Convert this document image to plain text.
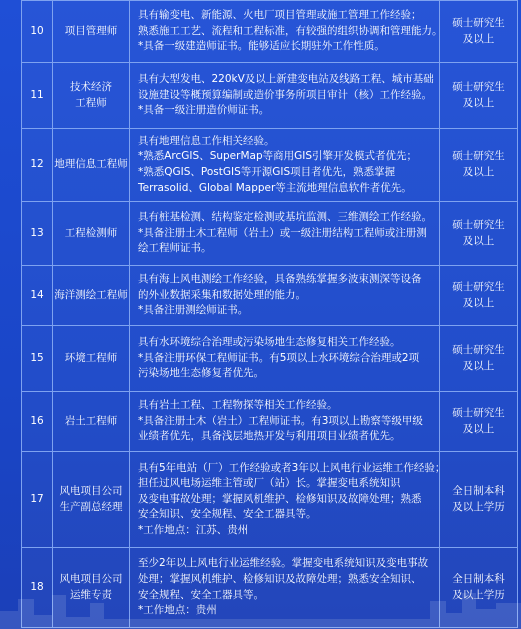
10	项目管理师	具有输变电、新能源、火电厂项目管理或施工管理工作经验；
熟悉施工工艺、流程和工程标准，有较强的组织协调和管理能力。
*具备一级建造师证书。能够适应长期驻外工作性质。	硕士研究生
及以上

11	技术经济
工程师	具有大型发电、220kV及以上新建变电站及线路工程、城市基础
设施建设等概预算编制或造价事务所项目审计（核）工作经验。
*具备一级注册造价师证书。	硕士研究生
及以上

12	地理信息工程师	具有地理信息工作相关经验。
*熟悉ArcGIS、SuperMap等商用GIS引擎开发模式者优先；
*熟悉QGIS、PostGIS等开源GIS项目者优先，熟悉掌握
Terrasolid、Global Mapper等主流地理信息软件者优先。	硕士研究生
及以上

13	工程检测师	具有桩基检测、结构鉴定检测或基坑监测、三维测绘工作经验。
*具备注册土木工程师（岩土）或一级注册结构工程师或注册测
绘工程师证书。	硕士研究生
及以上

14	海洋测绘工程师	具有海上风电测绘工作经验，具备熟练掌握多波束测深等设备
的外业数据采集和数据处理的能力。
*具备注册测绘师证书。	硕士研究生
及以上

15	环境工程师	具有水环境综合治理或污染场地生态修复相关工作经验。
*具备注册环保工程师证书。有5项以上水环境综合治理或2项
污染场地生态修复者优先。	硕士研究生
及以上

16	岩土工程师	具有岩土工程、工程物探等相关工作经验。
*具备注册土木（岩土）工程师证书。有3项以上勘察等级甲级
业绩者优先，具备浅层地热开发与利用项目业绩者优先。	硕士研究生
及以上

17	风电项目公司
生产副总经理	具有5年电站（厂）工作经验或者3年以上风电行业运维工作经验；
担任过风电场运维主管或厂（站）长。掌握变电系统知识
及变电事故处理；掌握风机维护、检修知识及故障处理；熟悉
安全知识、安全规程、安全工器具等。
*工作地点：江苏、贵州	全日制本科
及以上学历

18	风电项目公司
运维专责	至少2年以上风电行业运维经验。掌握变电系统知识及变电事故
处理；掌握风机维护、检修知识及故障处理；熟悉安全知识、
安全规程、安全工器具等。
*工作地点：贵州	全日制本科
及以上学历
